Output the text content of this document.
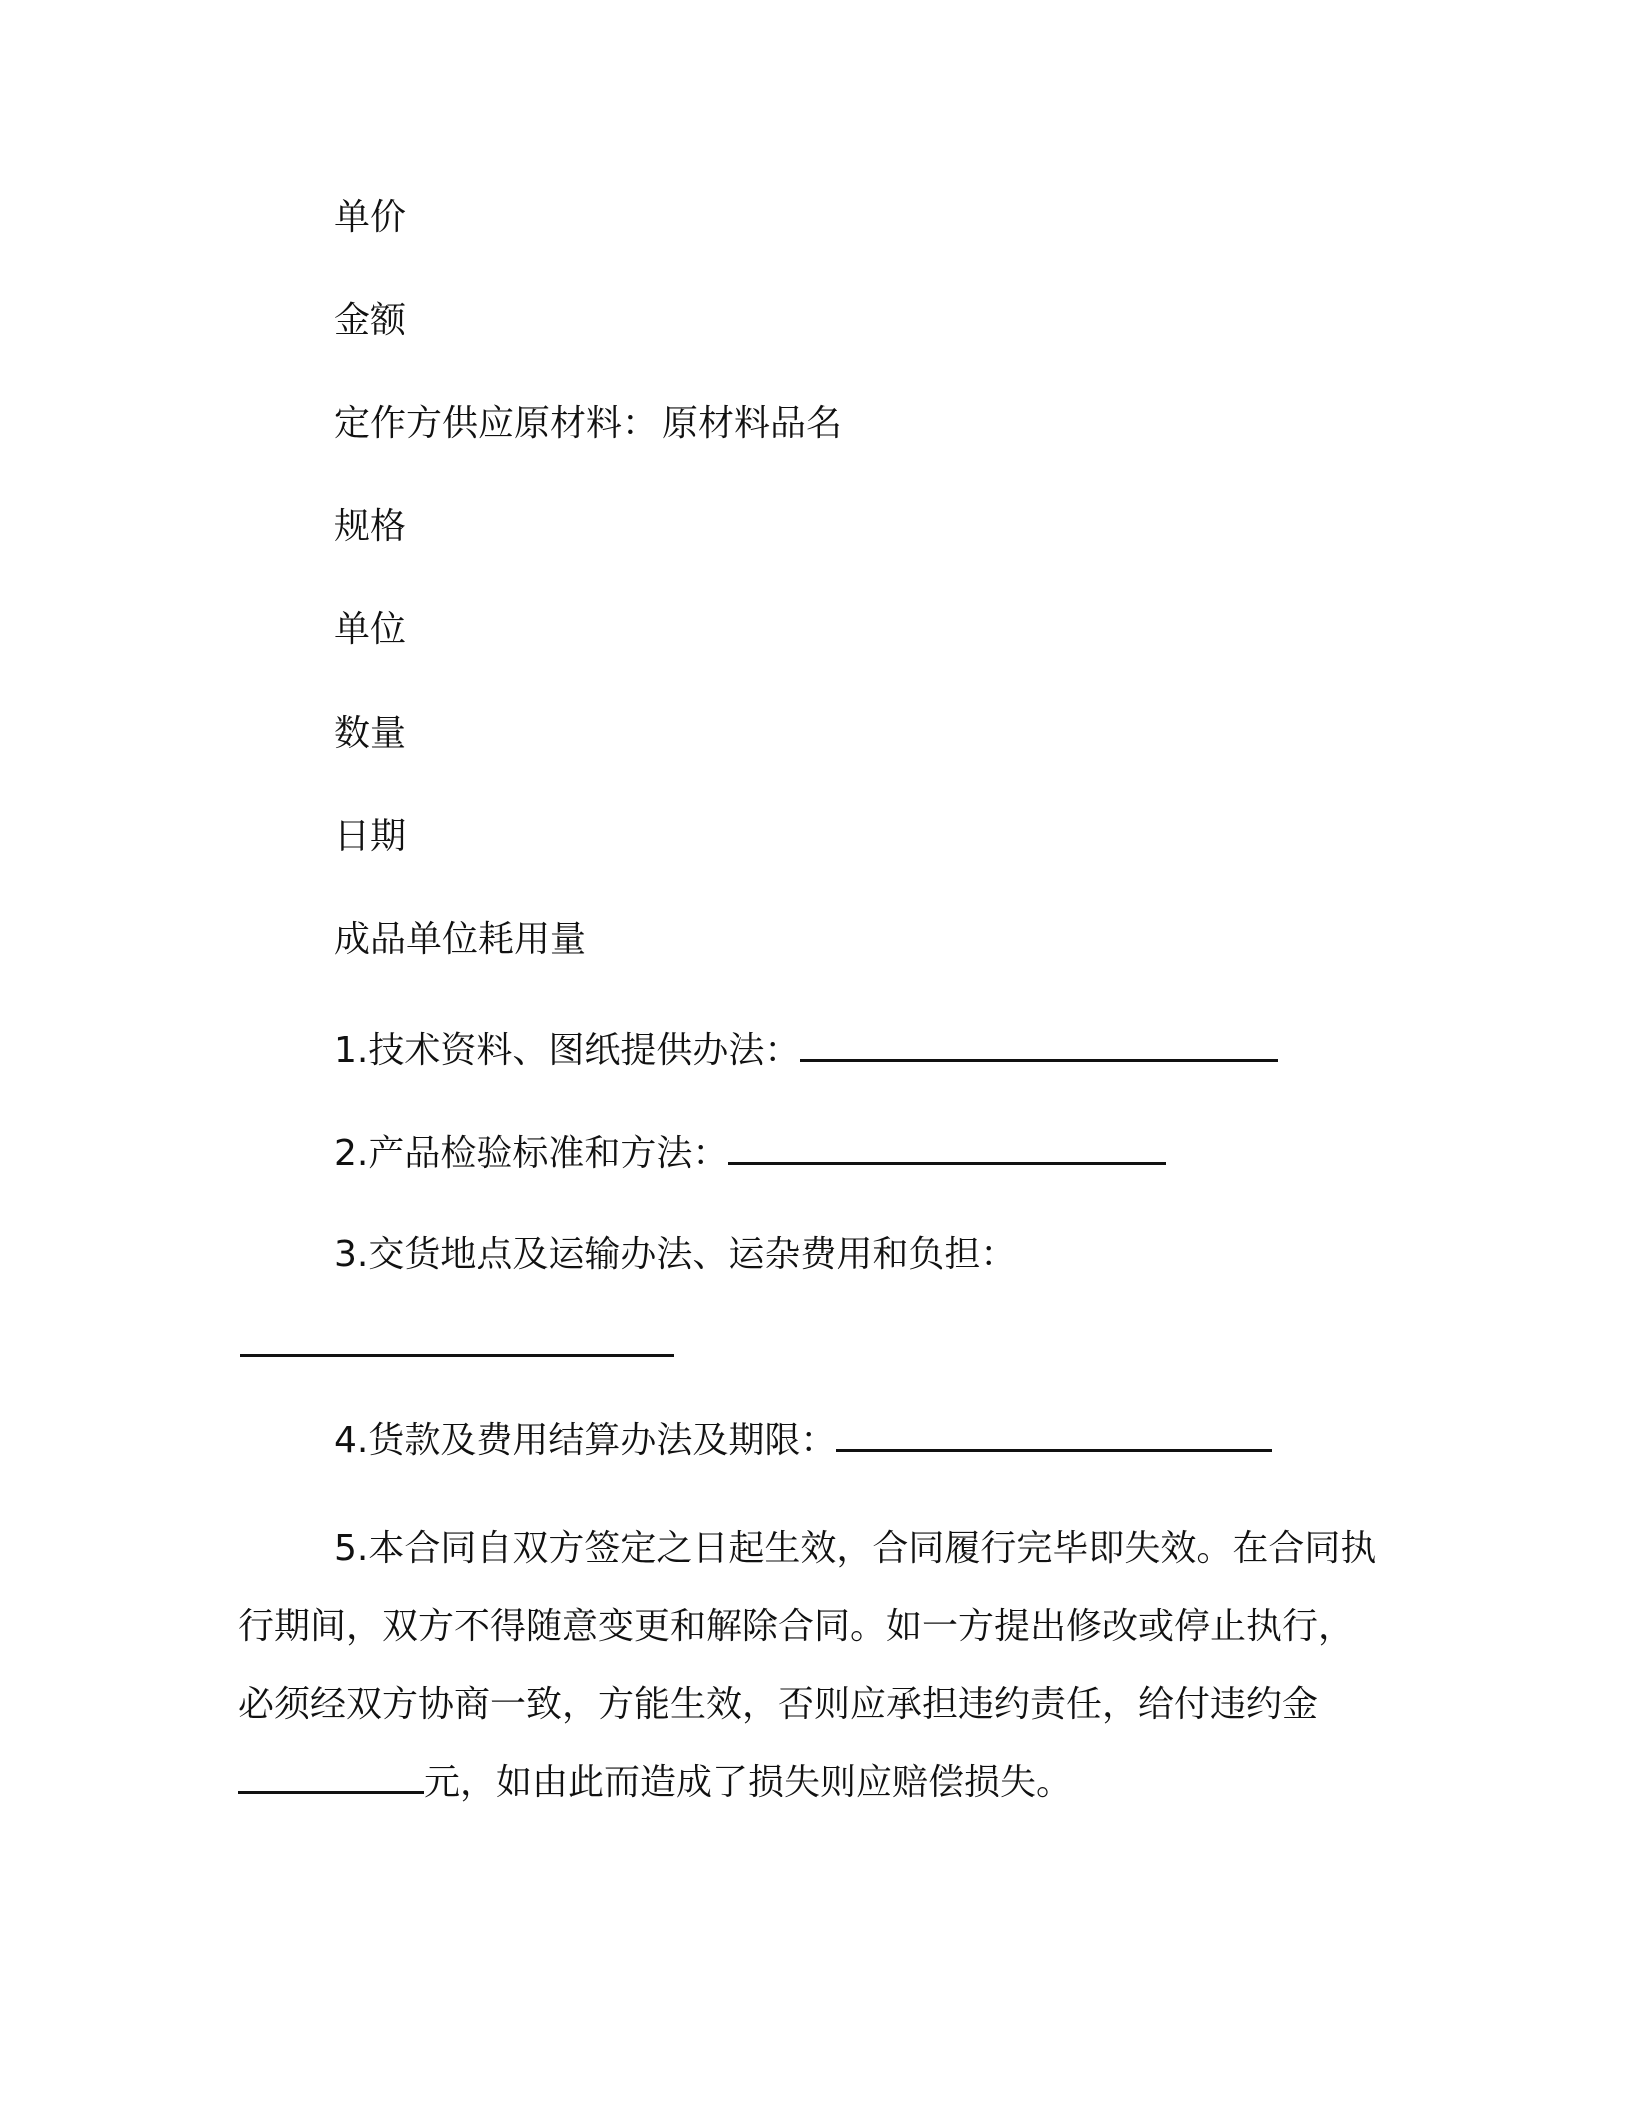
单价
金额
定作方供应原材料： 原材料品名
规格
单位
数量
日期
成品单位耗用量
1.技术资料、图纸提供办法：
2.产品检验标准和方法：
3.交货地点及运输办法、运杂费用和负担：
4.货款及费用结算办法及期限：
5.本合同自双方签定之日起生效，合同履行完毕即失效。在合同执行期间，双方不得随意变更和解除合同。如一方提出修改或停止执行，必须经双方协商一致，方能生效，否则应承担违约责任，给付违约金元，如由此而造成了损失则应赔偿损失。
